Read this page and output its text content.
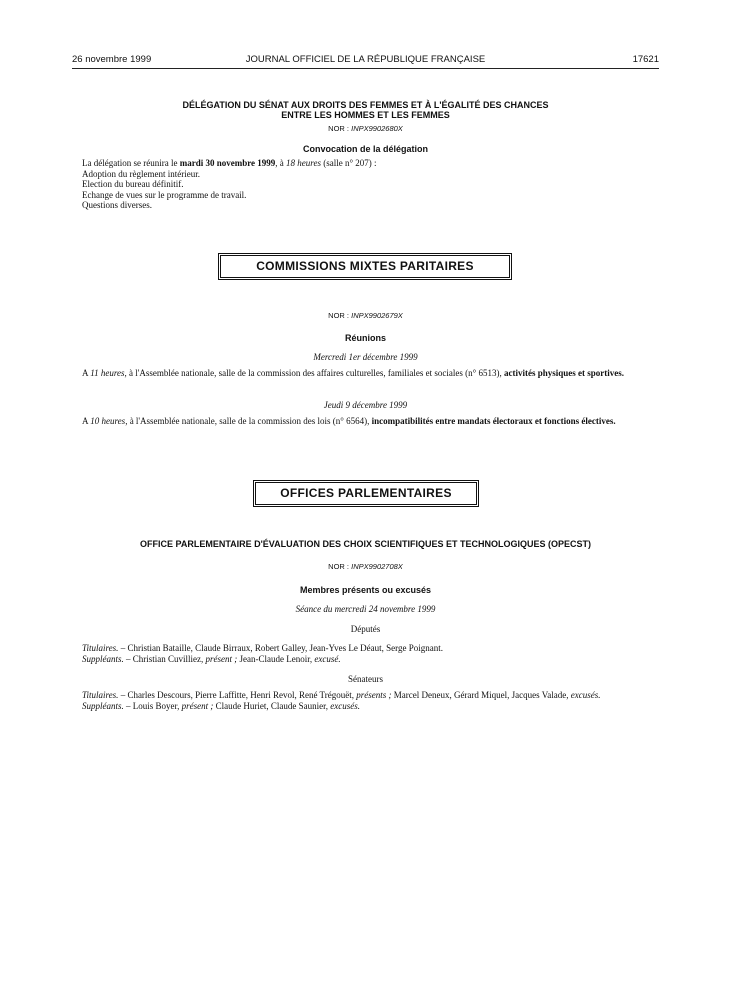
26 novembre 1999	JOURNAL OFFICIEL DE LA RÉPUBLIQUE FRANÇAISE	17621
DÉLÉGATION DU SÉNAT AUX DROITS DES FEMMES ET À L'ÉGALITÉ DES CHANCES
ENTRE LES HOMMES ET LES FEMMES
NOR : INPX9902680X
Convocation de la délégation
La délégation se réunira le mardi 30 novembre 1999, à 18 heures (salle n° 207) :
Adoption du règlement intérieur.
Election du bureau définitif.
Echange de vues sur le programme de travail.
Questions diverses.
COMMISSIONS MIXTES PARITAIRES
NOR : INPX9902679X
Réunions
Mercredi 1er décembre 1999
A 11 heures, à l'Assemblée nationale, salle de la commission des affaires culturelles, familiales et sociales (n° 6513), activités physiques et sportives.
Jeudi 9 décembre 1999
A 10 heures, à l'Assemblée nationale, salle de la commission des lois (n° 6564), incompatibilités entre mandats électoraux et fonctions électives.
OFFICES PARLEMENTAIRES
OFFICE PARLEMENTAIRE D'ÉVALUATION DES CHOIX SCIENTIFIQUES ET TECHNOLOGIQUES (OPECST)
NOR : INPX9902708X
Membres présents ou excusés
Séance du mercredi 24 novembre 1999
Députés
Titulaires. – Christian Bataille, Claude Birraux, Robert Galley, Jean-Yves Le Déaut, Serge Poignant.
Suppléants. – Christian Cuvilliez, présent ; Jean-Claude Lenoir, excusé.
Sénateurs
Titulaires. – Charles Descours, Pierre Laffitte, Henri Revol, René Trégouët, présents ; Marcel Deneux, Gérard Miquel, Jacques Valade, excusés.
Suppléants. – Louis Boyer, présent ; Claude Huriet, Claude Saunier, excusés.
